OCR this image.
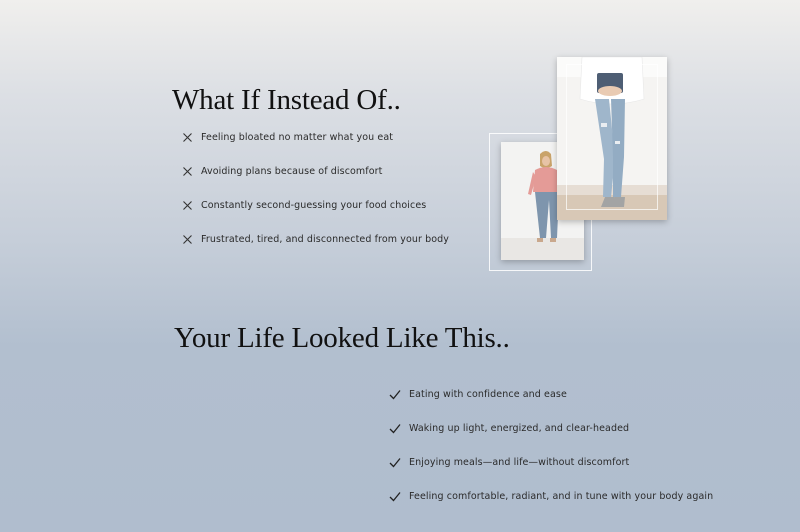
What If Instead Of..
Feeling bloated no matter what you eat
Avoiding plans because of discomfort
Constantly second-guessing your food choices
Frustrated, tired, and disconnected from your body
Your Life Looked Like This..
Eating with confidence and ease
Waking up light, energized, and clear-headed
Enjoying meals—and life—without discomfort
Feeling comfortable, radiant, and in tune with your body again
